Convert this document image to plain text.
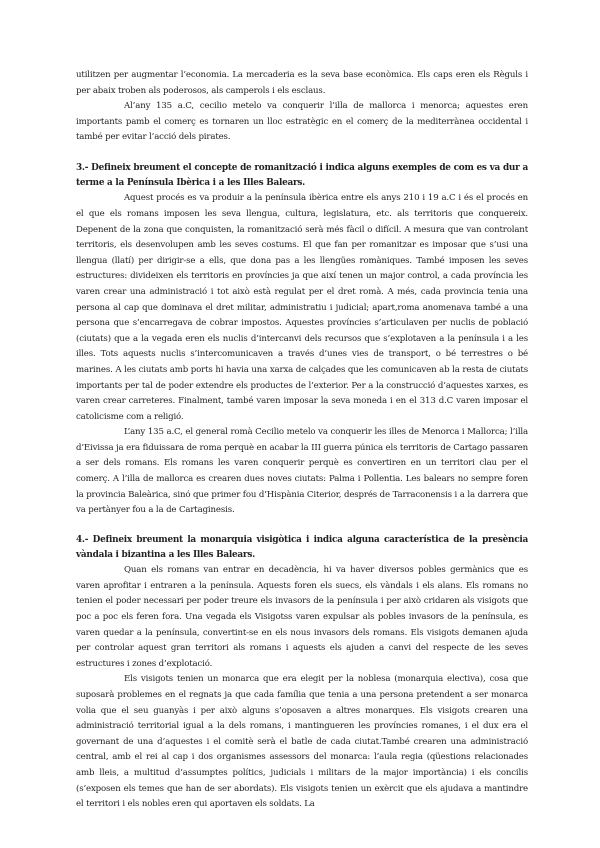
utilitzen per augmentar l’economia. La mercaderia es la seva base econòmica. Els caps eren els Règuls i per abaix troben als poderosos, als camperols i els esclaus.

Al’any 135 a.C, cecilio metelo va conquerir l’illa de mallorca i menorca; aquestes eren importants pamb el comerç es tornaren un lloc estratègic en el comerç de la mediterrànea occidental i també per evitar l’acció dels pirates.

3.- Defineix breument el concepte de romanització i indica alguns exemples de com es va dur a terme a la Península Ibèrica i a les Illes Balears.

Aquest procés es va produir a la península ibèrica entre els anys 210 i 19 a.C i és el procés en el que els romans imposen les seva llengua, cultura, legislatura, etc. als territoris que conquereix. Depenent de la zona que conquisten, la romanització serà més fàcil o difícil. A mesura que van controlant territoris, els desenvolupen amb les seves costums. El que fan per romanitzar es imposar que s’usi una llengua (llatí) per dirigir-se a ells, que dona pas a les llengües romàniques. També imposen les seves estructures: divideixen els territoris en províncies ja que així tenen un major control, a cada província les varen crear una administració i tot això està regulat per el dret romà. A més, cada provincia tenia una persona al cap que dominava el dret militar, administratiu i judicial; apart,roma anomenava també a una persona que s’encarregava de cobrar impostos. Aquestes províncies s’articulaven per nuclis de població (ciutats) que a la vegada eren els nuclis d’intercanvi dels recursos que s’explotaven a la península i a les illes. Tots aquests nuclis s’intercomunicaven a través d’unes vies de transport, o bé terrestres o bé marines. A les ciutats amb ports hi havia una xarxa de calçades que les comunicaven ab la resta de ciutats importants per tal de poder extendre els productes de l’exterior. Per a la construcció d’aquestes xarxes, es varen crear carreteres. Finalment, també varen imposar la seva moneda i en el 313 d.C varen imposar el catolicisme com a religió.

L’any 135 a.C, el general romà Cecilio metelo va conquerir les illes de Menorca i Mallorca; l’illa d’Eivissa ja era fiduissara de roma perquè en acabar la III guerra púnica els territoris de Cartago passaren a ser dels romans. Els romans les varen conquerir perquè es convertiren en un territori clau per el comerç. A l’illa de mallorca es crearen dues noves ciutats: Palma i Pollentia. Les balears no sempre foren la provincia Baleàrica, sinó que primer fou d’Hispània Citerior, després de Tarraconensis i a la darrera que va pertànyer fou a la de Cartaginesis.

4.- Defineix breument la monarquia visigòtica i indica alguna característica de la presència vàndala i bizantina a les Illes Balears.

Quan els romans van entrar en decadència, hi va haver diversos pobles germànics que es varen aprofitar i entraren a la península. Aquests foren els suecs, els vàndals i els alans. Els romans no tenien el poder necessari per poder treure els invasors de la península i per això cridaren als visigots que poc a poc els feren fora. Una vegada els Visigotss varen expulsar als pobles invasors de la península, es varen quedar a la península, convertint-se en els nous invasors dels romans. Els visigots demanen ajuda per controlar aquest gran territori als romans i aquests els ajuden a canvi del respecte de les seves estructures i zones d’explotació.

Els visigots tenien un monarca que era elegit per la noblesa (monarquia electiva), cosa que suposarà problemes en el regnats ja que cada família que tenia a una persona pretendent a ser monarca volia que el seu guanyàs i per això alguns s’oposaven a altres monarques. Els visigots crearen una administració territorial igual a la dels romans, i mantingueren les províncies romanes, i el dux era el governant de una d’aquestes i el comitè serà el batle de cada ciutat.També crearen una administració central, amb el rei al cap i dos organismes assessors del monarca: l’aula regia (qüestions relacionades amb lleis, a multitud d’assumptes polítics, judicials i militars de la major importància) i els concilis (s’exposen els temes que han de ser abordats). Els visigots tenien un exèrcit que els ajudava a mantindre el territori i els nobles eren qui aportaven els soldats. La
